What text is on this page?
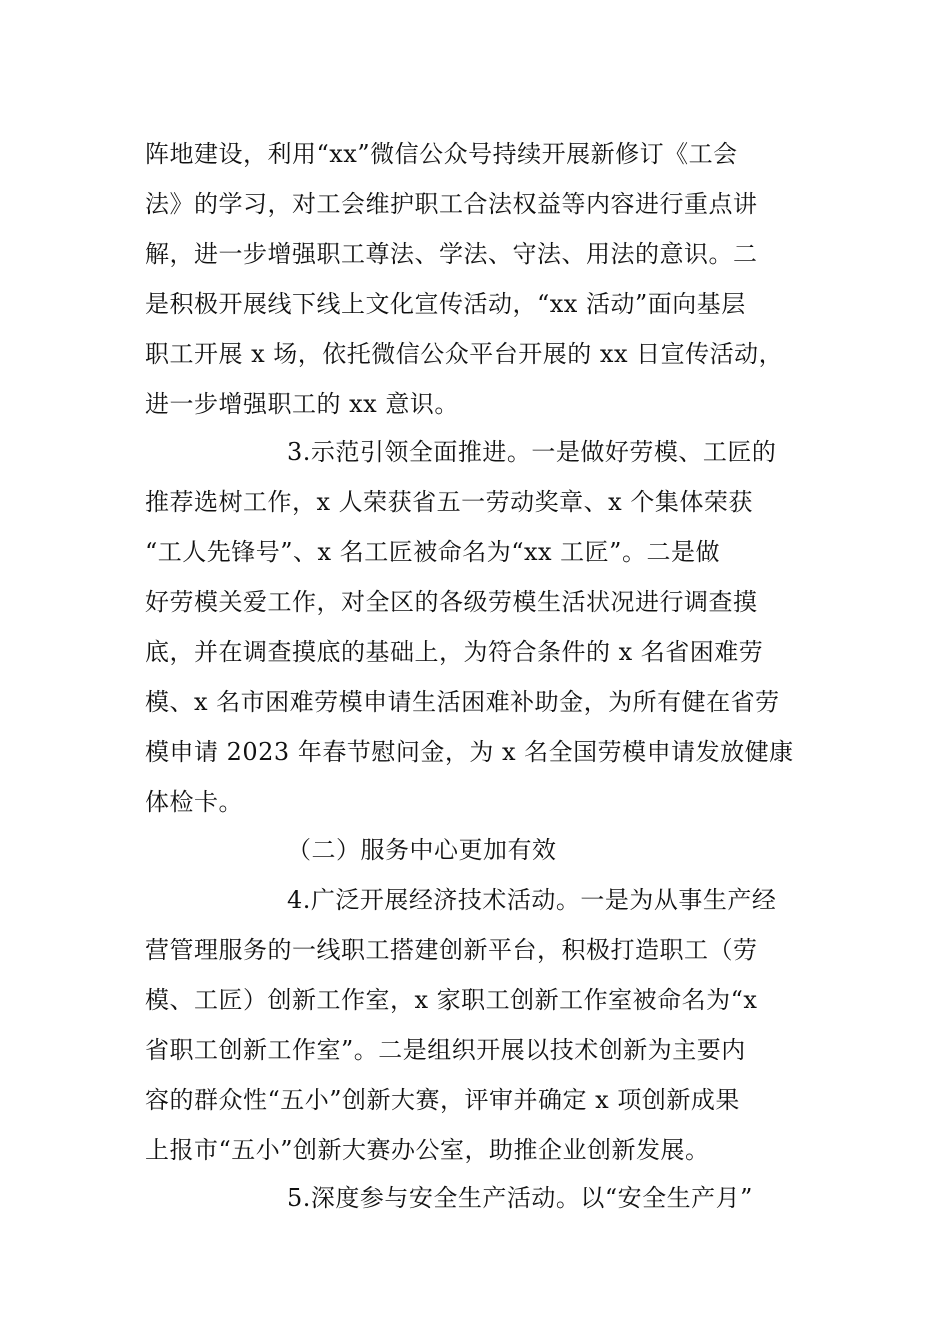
阵地建设，利用“xx”微信公众号持续开展新修订《工会
法》的学习，对工会维护职工合法权益等内容进行重点讲
解，进一步增强职工尊法、学法、守法、用法的意识。二
是积极开展线下线上文化宣传活动，“xx 活动”面向基层
职工开展 x 场，依托微信公众平台开展的 xx 日宣传活动，
进一步增强职工的 xx 意识。
3.示范引领全面推进。一是做好劳模、工匠的
推荐选树工作，x 人荣获省五一劳动奖章、x 个集体荣获
“工人先锋号”、x 名工匠被命名为“xx 工匠”。二是做
好劳模关爱工作，对全区的各级劳模生活状况进行调查摸
底，并在调查摸底的基础上，为符合条件的 x 名省困难劳
模、x 名市困难劳模申请生活困难补助金，为所有健在省劳
模申请 2023 年春节慰问金，为 x 名全国劳模申请发放健康
体检卡。
（二）服务中心更加有效
4.广泛开展经济技术活动。一是为从事生产经
营管理服务的一线职工搭建创新平台，积极打造职工（劳
模、工匠）创新工作室，x 家职工创新工作室被命名为“x
省职工创新工作室”。二是组织开展以技术创新为主要内
容的群众性“五小”创新大赛，评审并确定 x 项创新成果
上报市“五小”创新大赛办公室，助推企业创新发展。
5.深度参与安全生产活动。以“安全生产月”
